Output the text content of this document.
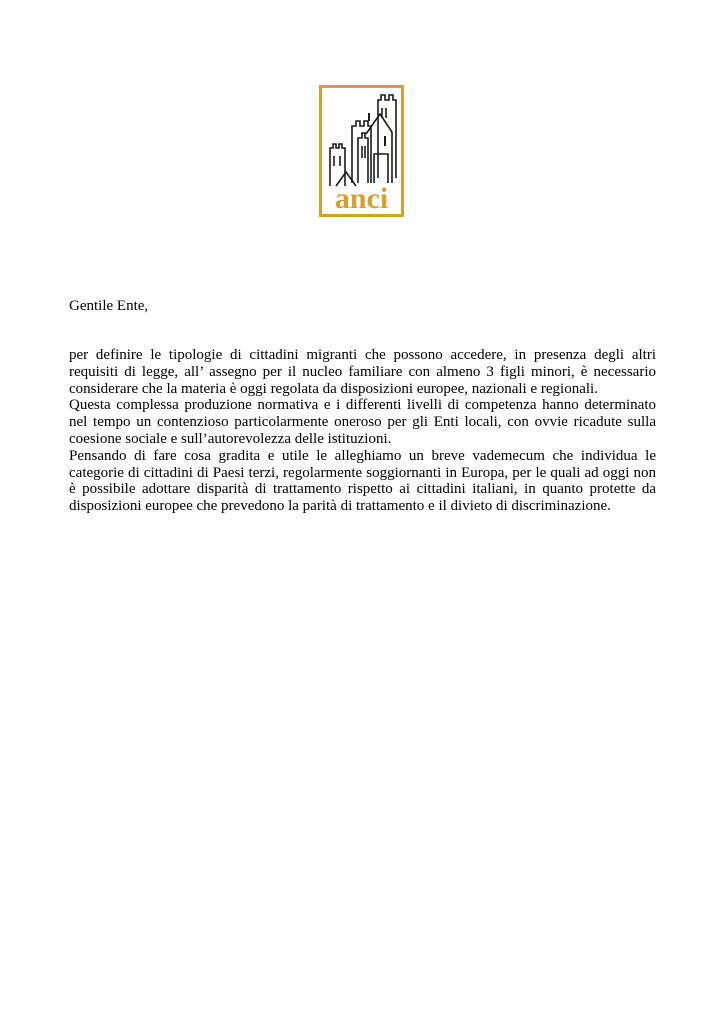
anci

Gentile Ente,

per definire le tipologie di cittadini migranti che possono accedere, in presenza degli altri requisiti di legge, all’ assegno per il nucleo familiare con almeno 3 figli minori, è necessario considerare che la materia è oggi regolata da disposizioni europee, nazionali e regionali.

Questa complessa produzione normativa e i differenti livelli di competenza hanno determinato nel tempo un contenzioso particolarmente oneroso per gli Enti locali, con ovvie ricadute sulla coesione sociale e sull’autorevolezza delle istituzioni.

Pensando di fare cosa gradita e utile le alleghiamo un breve vademecum che individua le categorie di cittadini di Paesi terzi, regolarmente soggiornanti in Europa, per le quali ad oggi non è possibile adottare disparità di trattamento rispetto ai cittadini italiani, in quanto protette da disposizioni europee che prevedono la parità di trattamento e il divieto di discriminazione.
